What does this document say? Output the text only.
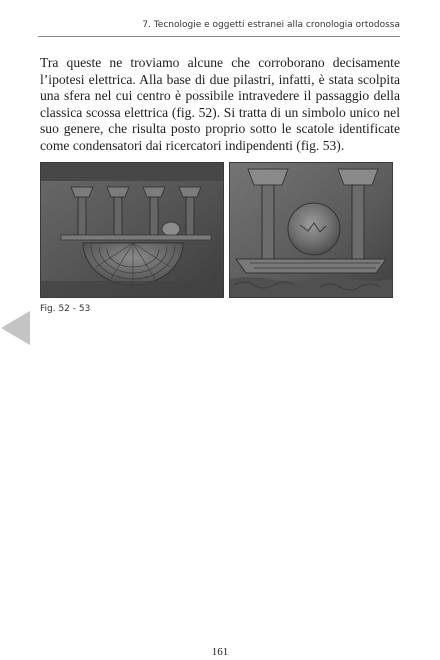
7. Tecnologie e oggetti estranei alla cronologia ortodossa

Tra queste ne troviamo alcune che corroborano decisamente l’ipotesi elettrica. Alla base di due pilastri, infatti, è stata scolpita una sfera nel cui centro è possibile intravedere il passaggio della classica scossa elettrica (fig. 52). Si tratta di un simbolo unico nel suo genere, che risulta posto proprio sotto le scatole identificate come condensatori dai ricercatori indipendenti (fig. 53).

Fig. 52 - 53
161
